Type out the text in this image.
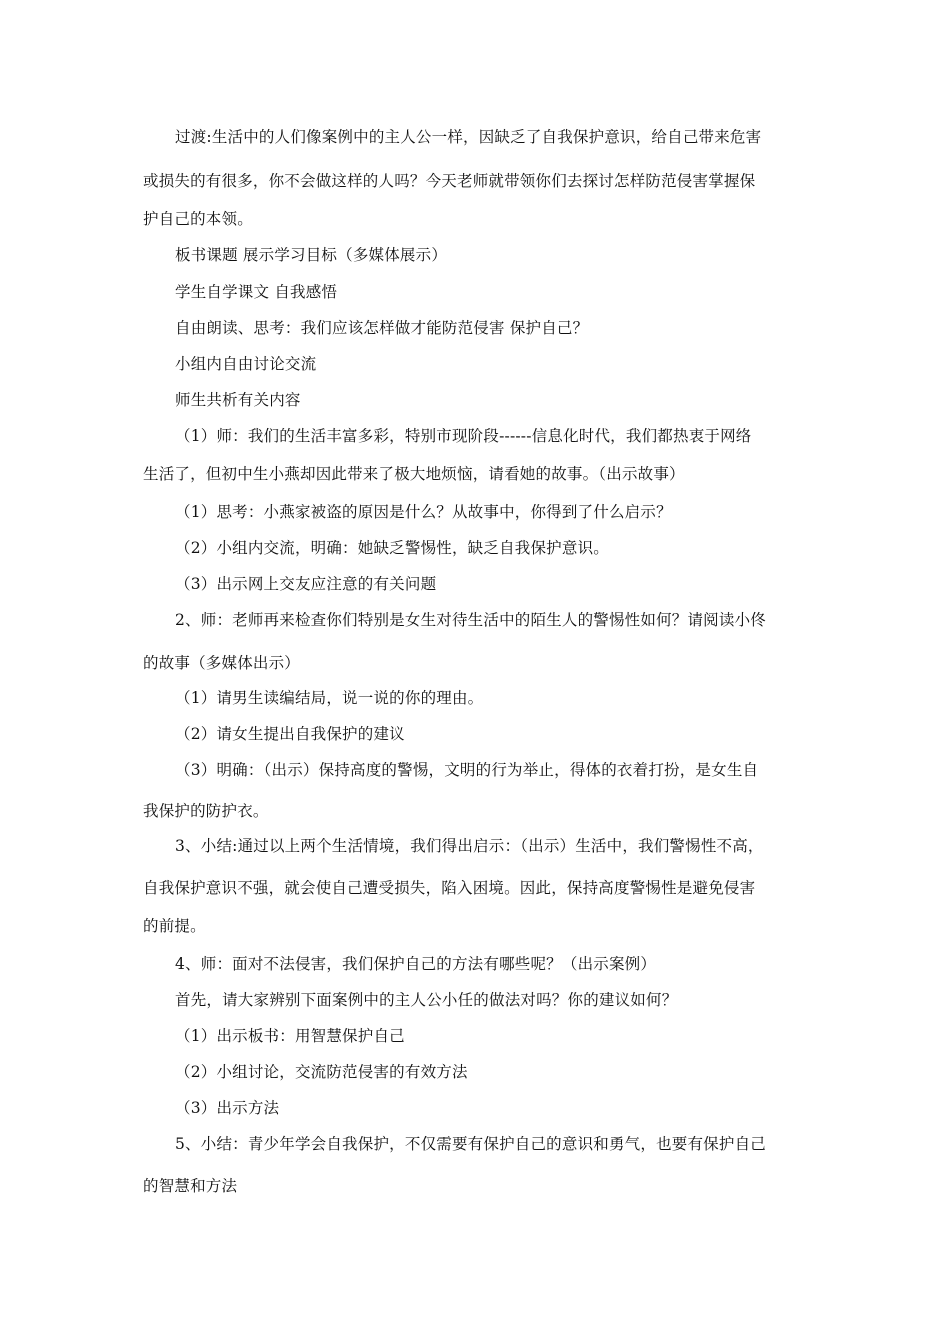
过渡:生活中的人们像案例中的主人公一样，因缺乏了自我保护意识，给自己带来危害
或损失的有很多，你不会做这样的人吗？今天老师就带领你们去探讨怎样防范侵害掌握保
护自己的本领。
板书课题 展示学习目标（多媒体展示）
学生自学课文 自我感悟
自由朗读、思考：我们应该怎样做才能防范侵害 保护自己？
小组内自由讨论交流
师生共析有关内容
（1）师：我们的生活丰富多彩，特别市现阶段------信息化时代，我们都热衷于网络
生活了，但初中生小燕却因此带来了极大地烦恼，请看她的故事。（出示故事）
（1）思考：小燕家被盗的原因是什么？从故事中，你得到了什么启示？
（2）小组内交流，明确：她缺乏警惕性，缺乏自我保护意识。
（3）出示网上交友应注意的有关问题
2、师：老师再来检查你们特别是女生对待生活中的陌生人的警惕性如何？请阅读小佟
的故事（多媒体出示）
（1）请男生读编结局，说一说的你的理由。
（2）请女生提出自我保护的建议
（3）明确：（出示）保持高度的警惕，文明的行为举止，得体的衣着打扮，是女生自
我保护的防护衣。
3、小结:通过以上两个生活情境，我们得出启示：（出示）生活中，我们警惕性不高，
自我保护意识不强，就会使自己遭受损失，陷入困境。因此，保持高度警惕性是避免侵害
的前提。
4、师：面对不法侵害，我们保护自己的方法有哪些呢？（出示案例）
首先，请大家辨别下面案例中的主人公小任的做法对吗？你的建议如何？
（1）出示板书：用智慧保护自己
（2）小组讨论，交流防范侵害的有效方法
（3）出示方法
5、小结：青少年学会自我保护，不仅需要有保护自己的意识和勇气，也要有保护自己
的智慧和方法
